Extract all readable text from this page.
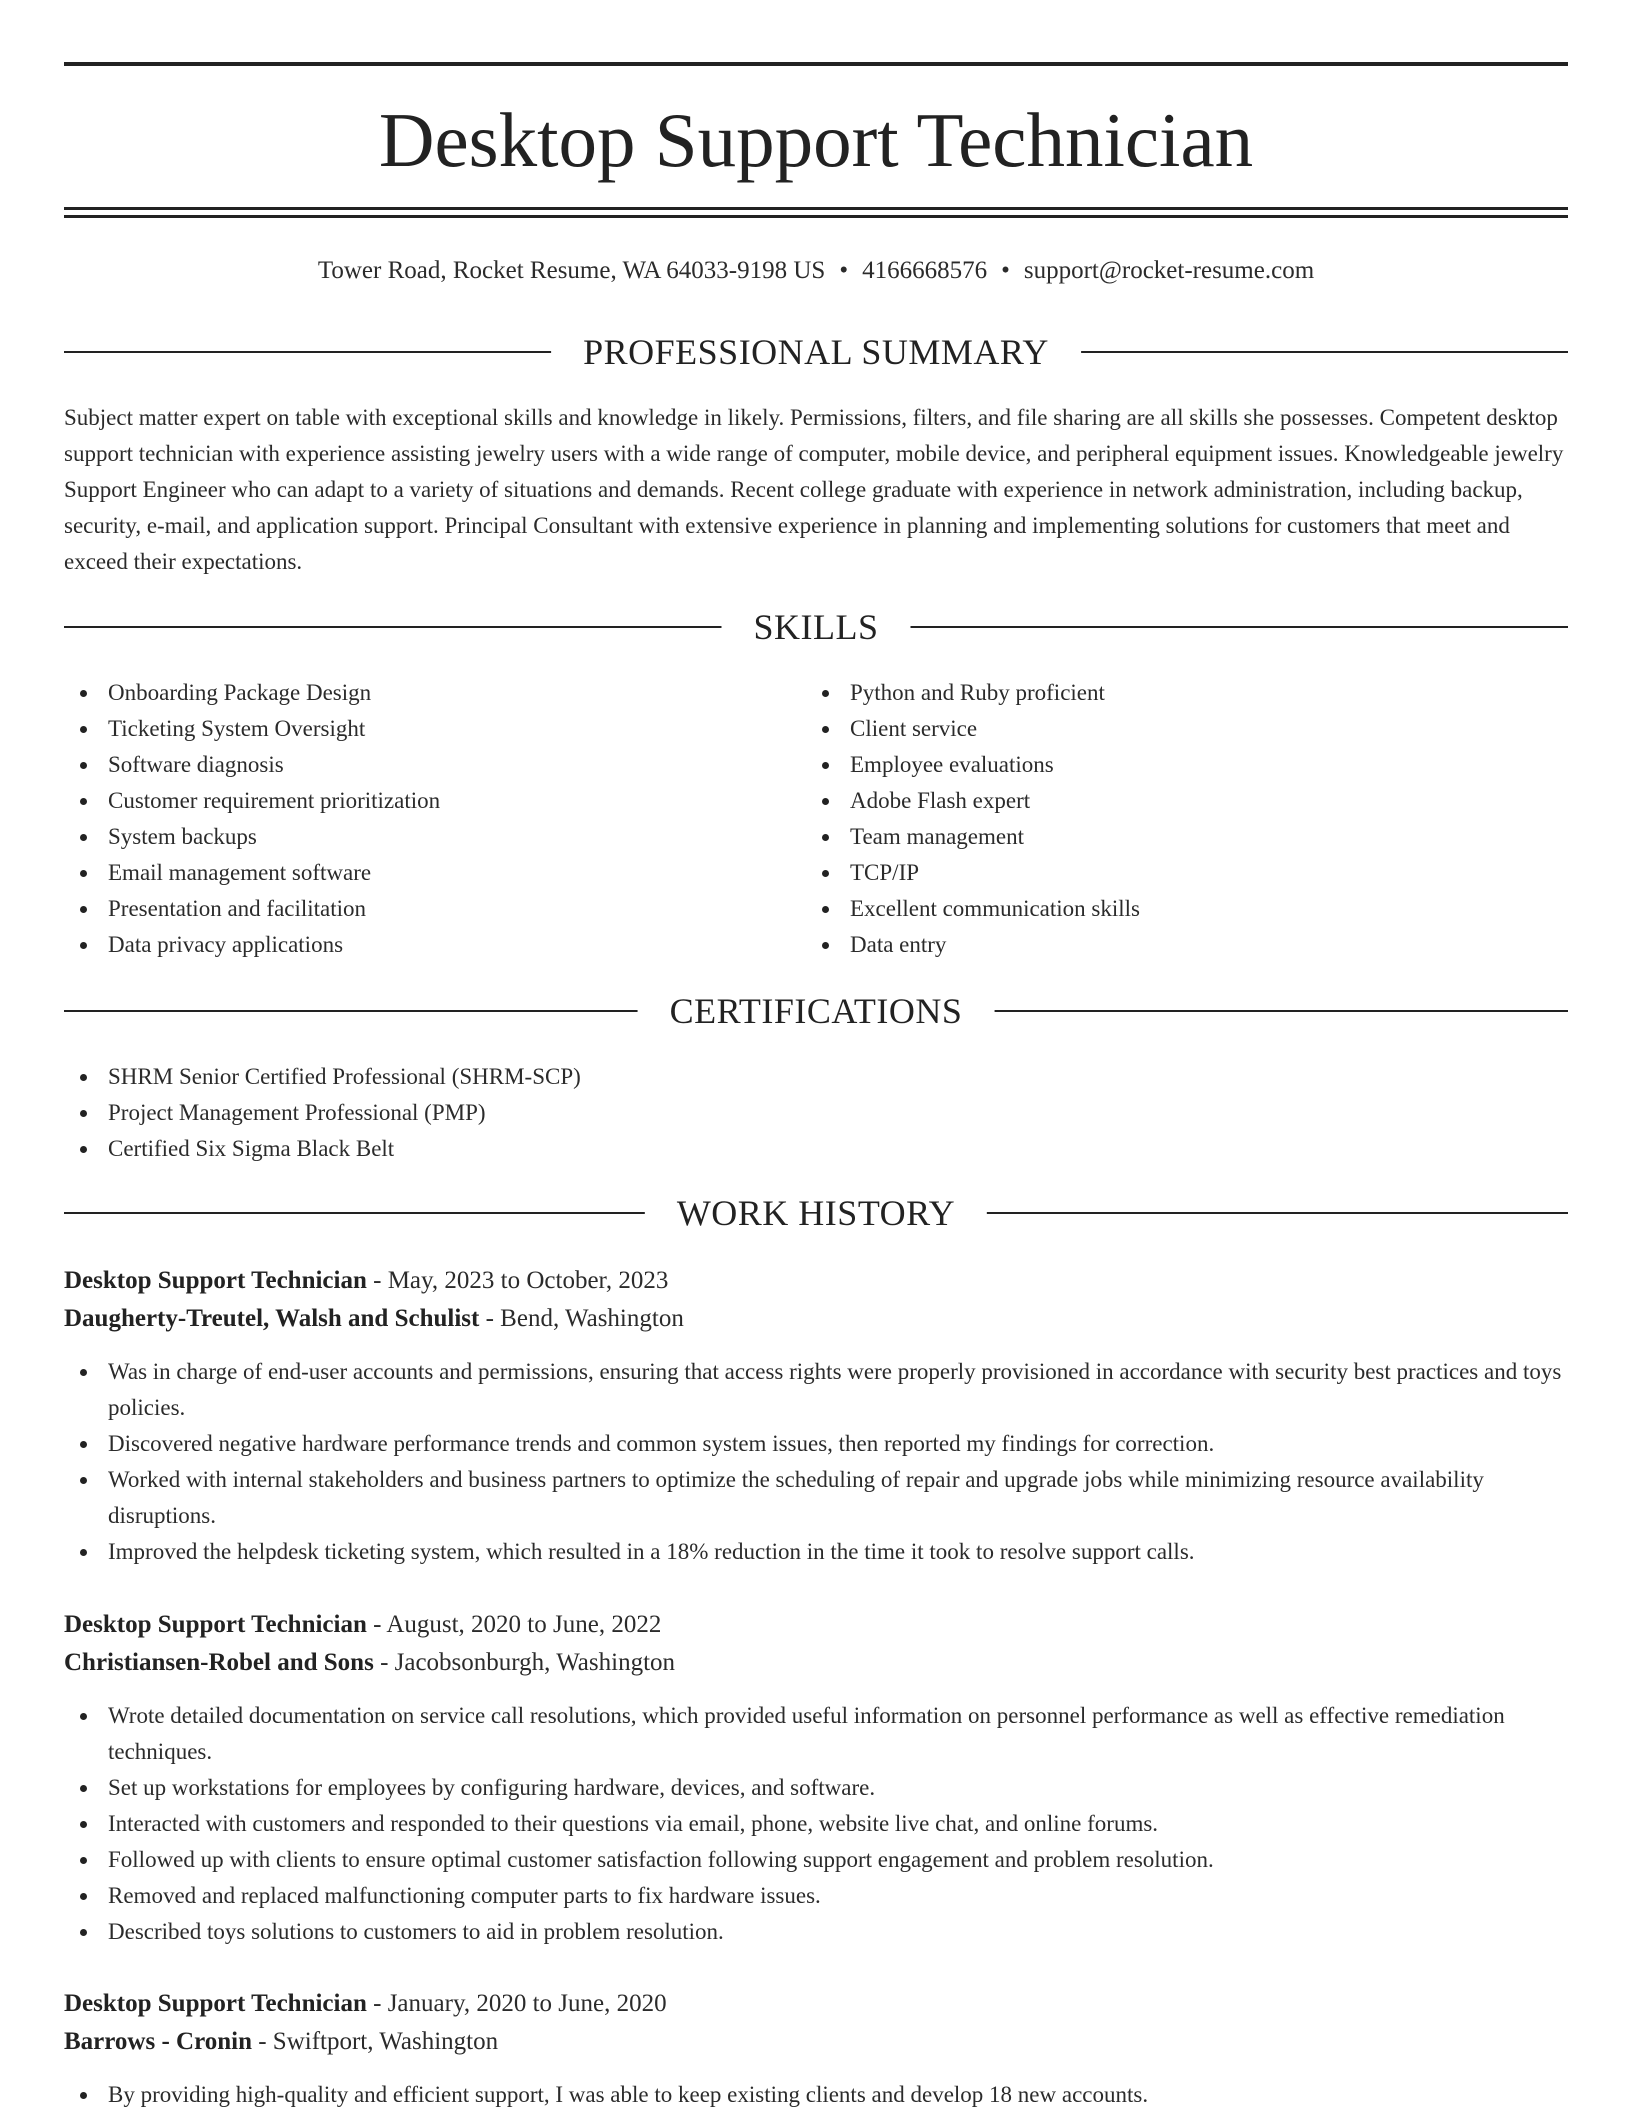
Desktop Support Technician
Tower Road, Rocket Resume, WA 64033-9198 US • 4166668576 • support@rocket-resume.com
PROFESSIONAL SUMMARY

Subject matter expert on table with exceptional skills and knowledge in likely. Permissions, filters, and file sharing are all skills she possesses. Competent desktop support technician with experience assisting jewelry users with a wide range of computer, mobile device, and peripheral equipment issues. Knowledgeable jewelry Support Engineer who can adapt to a variety of situations and demands. Recent college graduate with experience in network administration, including backup, security, e-mail, and application support. Principal Consultant with extensive experience in planning and implementing solutions for customers that meet and exceed their expectations.

SKILLS
Onboarding Package Design
Ticketing System Oversight
Software diagnosis
Customer requirement prioritization
System backups
Email management software
Presentation and facilitation
Data privacy applications
Python and Ruby proficient
Client service
Employee evaluations
Adobe Flash expert
Team management
TCP/IP
Excellent communication skills
Data entry
CERTIFICATIONS
SHRM Senior Certified Professional (SHRM-SCP)
Project Management Professional (PMP)
Certified Six Sigma Black Belt
WORK HISTORY
Desktop Support Technician - May, 2023 to October, 2023
Daugherty-Treutel, Walsh and Schulist - Bend, Washington
Was in charge of end-user accounts and permissions, ensuring that access rights were properly provisioned in accordance with security best practices and toys policies.
Discovered negative hardware performance trends and common system issues, then reported my findings for correction.
Worked with internal stakeholders and business partners to optimize the scheduling of repair and upgrade jobs while minimizing resource availability disruptions.
Improved the helpdesk ticketing system, which resulted in a 18% reduction in the time it took to resolve support calls.
Desktop Support Technician - August, 2020 to June, 2022
Christiansen-Robel and Sons - Jacobsonburgh, Washington
Wrote detailed documentation on service call resolutions, which provided useful information on personnel performance as well as effective remediation techniques.
Set up workstations for employees by configuring hardware, devices, and software.
Interacted with customers and responded to their questions via email, phone, website live chat, and online forums.
Followed up with clients to ensure optimal customer satisfaction following support engagement and problem resolution.
Removed and replaced malfunctioning computer parts to fix hardware issues.
Described toys solutions to customers to aid in problem resolution.
Desktop Support Technician - January, 2020 to June, 2020
Barrows - Cronin - Swiftport, Washington
By providing high-quality and efficient support, I was able to keep existing clients and develop 18 new accounts.
